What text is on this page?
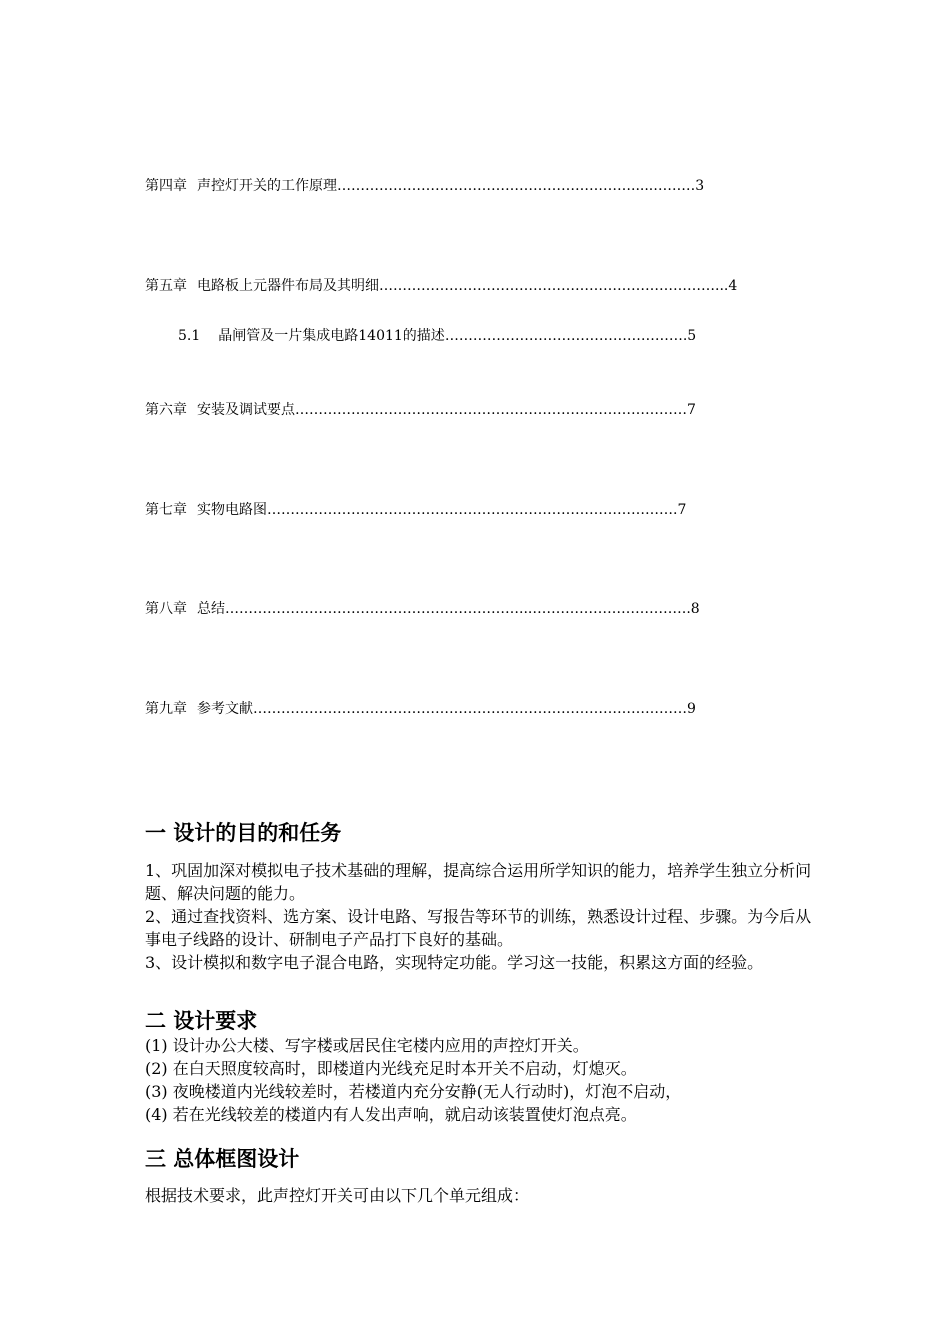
第四章 声控灯开关的工作原理……………………………………………………….....………3
第五章 电路板上元器件布局及其明细………………………………………………………………...4
5.1 晶闸管及一片集成电路14011的描述…………………………………………….5
第六章 安装及调试要点…………………………………………………………………………7
第七章 实物电路图…………………………………………………………………………….7
第八章 总结………………………………………………………...…………………………….8
第九章 参考文献…………………………………………………………………………………9
一 设计的目的和任务

1、巩固加深对模拟电子技术基础的理解，提高综合运用所学知识的能力，培养学生独立分析问题、解决问题的能力。

2、通过查找资料、选方案、设计电路、写报告等环节的训练，熟悉设计过程、步骤。为今后从事电子线路的设计、研制电子产品打下良好的基础。

3、设计模拟和数字电子混合电路，实现特定功能。学习这一技能，积累这方面的经验。

二 设计要求

(1) 设计办公大楼、写字楼或居民住宅楼内应用的声控灯开关。

(2) 在白天照度较高时，即楼道内光线充足时本开关不启动，灯熄灭。

(3) 夜晚楼道内光线较差时，若楼道内充分安静(无人行动时)，灯泡不启动，

(4) 若在光线较差的楼道内有人发出声响，就启动该装置使灯泡点亮。

三 总体框图设计
根据技术要求，此声控灯开关可由以下几个单元组成：
